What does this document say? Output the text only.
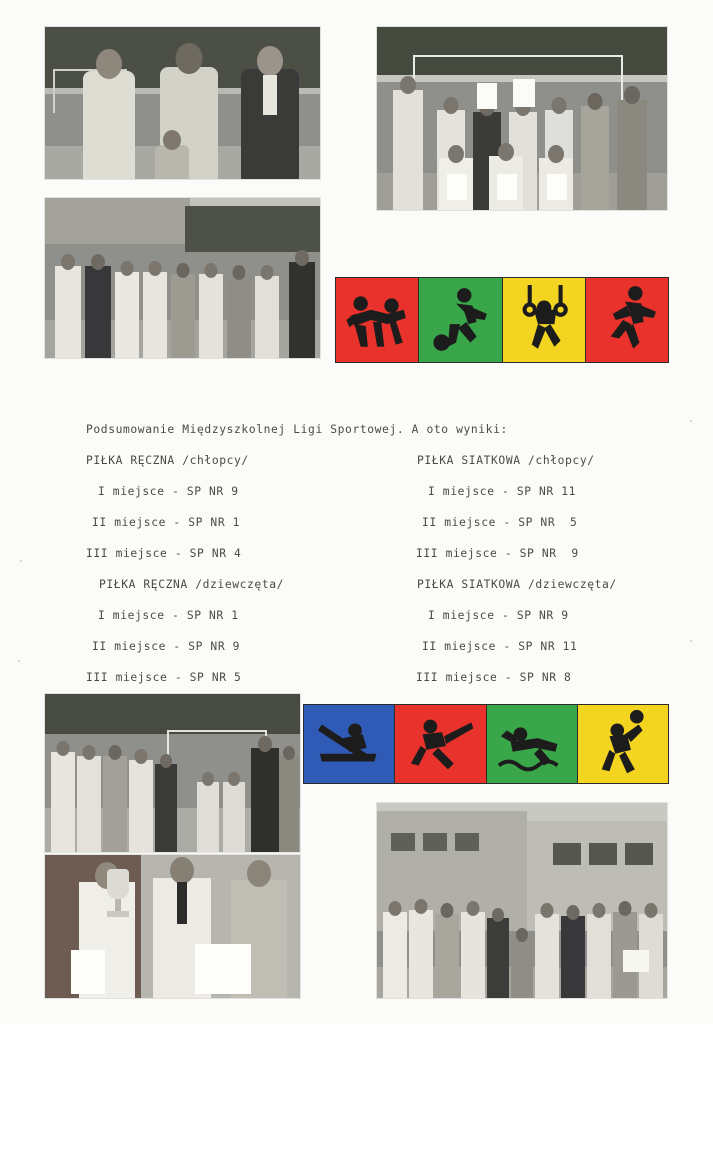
Podsumowanie Międzyszkolnej Ligi Sportowej. A oto wyniki:

PIŁKA RĘCZNA /chłopcy/

I miejsce - SP NR 9

II miejsce - SP NR 1

III miejsce - SP NR 4

PIŁKA RĘCZNA /dziewczęta/

I miejsce - SP NR 1

II miejsce - SP NR 9

III miejsce - SP NR 5

PIŁKA SIATKOWA /chłopcy/

I miejsce - SP NR 11

II miejsce - SP NR  5

III miejsce - SP NR  9

PIŁKA SIATKOWA /dziewczęta/

I miejsce - SP NR 9

II miejsce - SP NR 11

III miejsce - SP NR 8
